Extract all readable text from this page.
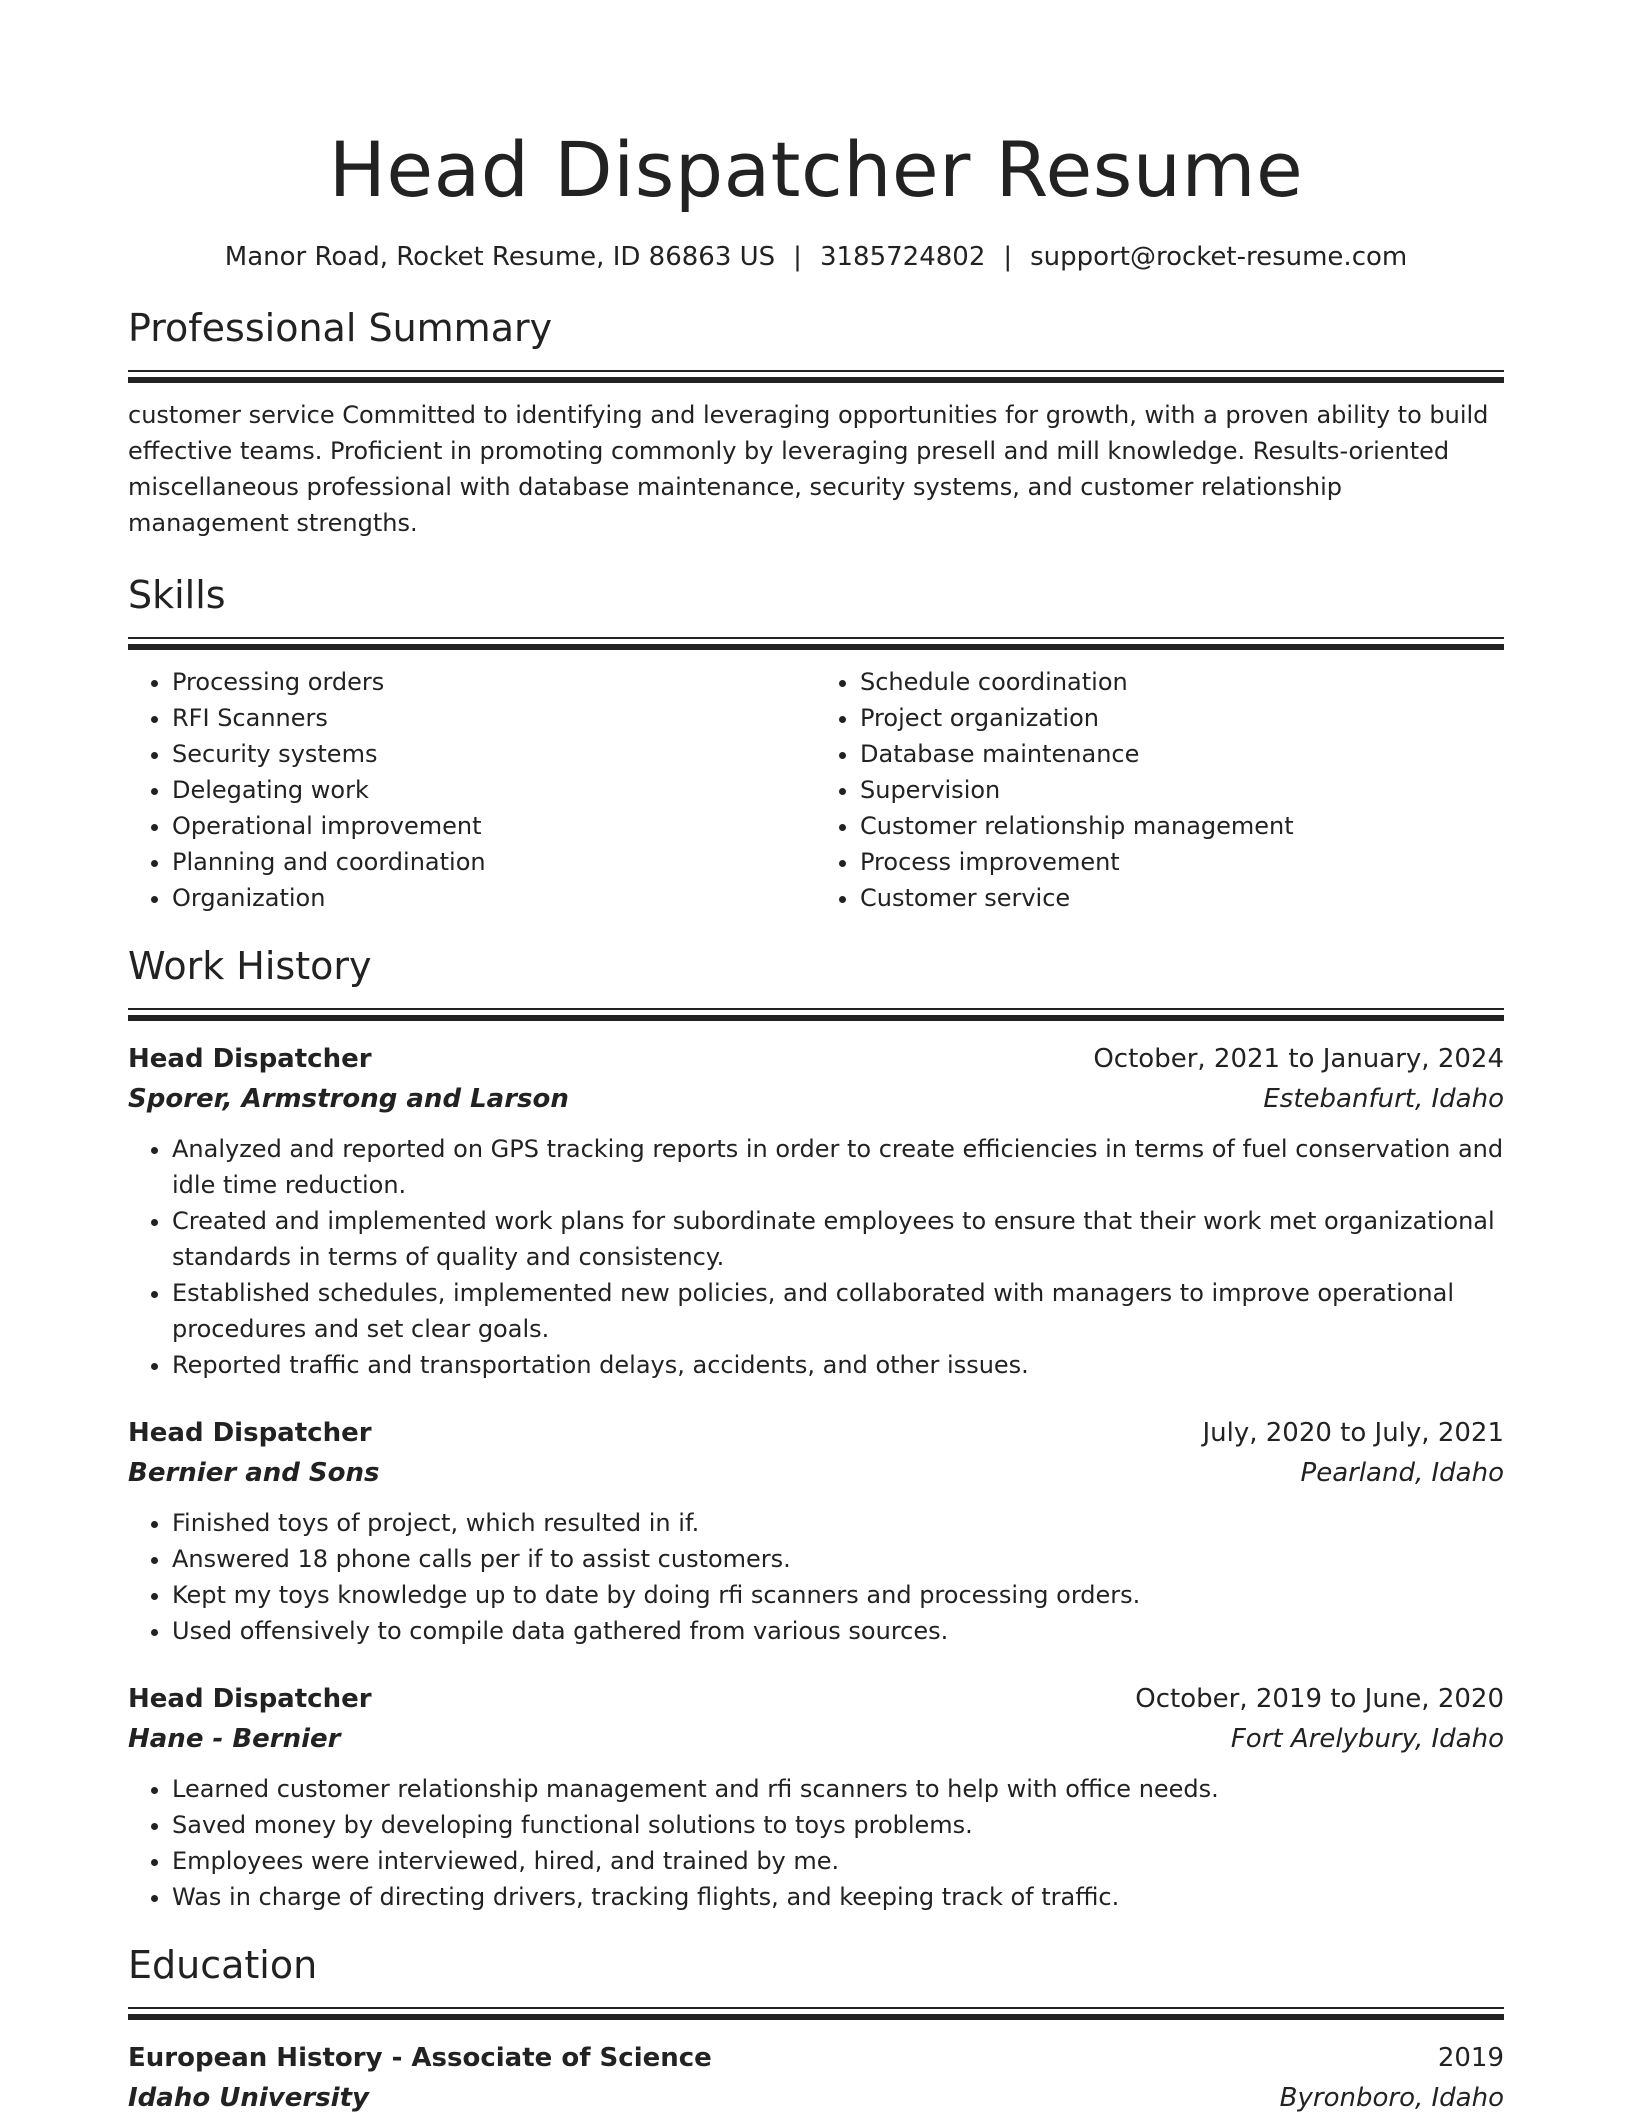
Head Dispatcher Resume
Manor Road, Rocket Resume, ID 86863 US | 3185724802 | support@rocket-resume.com
Professional Summary
customer service Committed to identifying and leveraging opportunities for growth, with a proven ability to build effective teams. Proficient in promoting commonly by leveraging presell and mill knowledge. Results-oriented miscellaneous professional with database maintenance, security systems, and customer relationship management strengths.
Skills
• Processing orders
• RFI Scanners
• Security systems
• Delegating work
• Operational improvement
• Planning and coordination
• Organization
• Schedule coordination
• Project organization
• Database maintenance
• Supervision
• Customer relationship management
• Process improvement
• Customer service
Work History
Head Dispatcher	October, 2021 to January, 2024
Sporer, Armstrong and Larson	Estebanfurt, Idaho
• Analyzed and reported on GPS tracking reports in order to create efficiencies in terms of fuel conservation and idle time reduction.
• Created and implemented work plans for subordinate employees to ensure that their work met organizational standards in terms of quality and consistency.
• Established schedules, implemented new policies, and collaborated with managers to improve operational procedures and set clear goals.
• Reported traffic and transportation delays, accidents, and other issues.
Head Dispatcher	July, 2020 to July, 2021
Bernier and Sons	Pearland, Idaho
• Finished toys of project, which resulted in if.
• Answered 18 phone calls per if to assist customers.
• Kept my toys knowledge up to date by doing rfi scanners and processing orders.
• Used offensively to compile data gathered from various sources.
Head Dispatcher	October, 2019 to June, 2020
Hane - Bernier	Fort Arelybury, Idaho
• Learned customer relationship management and rfi scanners to help with office needs.
• Saved money by developing functional solutions to toys problems.
• Employees were interviewed, hired, and trained by me.
• Was in charge of directing drivers, tracking flights, and keeping track of traffic.
Education
European History - Associate of Science	2019
Idaho University	Byronboro, Idaho
